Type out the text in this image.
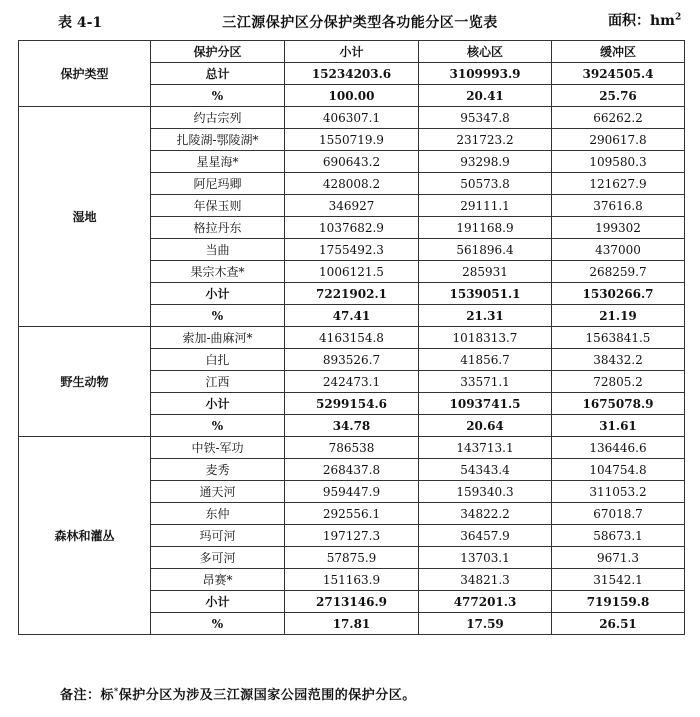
表 4-1	三江源保护区分保护类型各功能分区一览表	面积：$hm^2$
保护类型	保护分区	小计	核心区	缓冲区	
	总计	15234203.6	3109993.9	3924505.4	
	%	100.00	20.41	25.76	
湿地	约古宗列	406307.1	95347.8	66262.2	
	扎陵湖-鄂陵湖*	1550719.9	231723.2	290617.8	
	星星海*	690643.2	93298.9	109580.3	
	阿尼玛卿	428008.2	50573.8	121627.9	
	年保玉则	346927	29111.1	37616.8	
	格拉丹东	1037682.9	191168.9	199302	
	当曲	1755492.3	561896.4	437000	
	果宗木查*	1006121.5	285931	268259.7	
	小计	7221902.1	1539051.1	1530266.7	
	%	47.41	21.31	21.19	
野生动物	索加-曲麻河*	4163154.8	1018313.7	1563841.5	
	白扎	893526.7	41856.7	38432.2	
	江西	242473.1	33571.1	72805.2	
	小计	5299154.6	1093741.5	1675078.9	
	%	34.78	20.64	31.61	
森林和灌丛	中铁-军功	786538	143713.1	136446.6	
	麦秀	268437.8	54343.4	104754.8	
	通天河	959447.9	159340.3	311053.2	
	东仲	292556.1	34822.2	67018.7	
	玛可河	197127.3	36457.9	58673.1	
	多可河	57875.9	13703.1	9671.3	
	昂赛*	151163.9	34821.3	31542.1	
	小计	2713146.9	477201.3	719159.8	
	%	17.81	17.59	26.51	
备注：标*保护分区为涉及三江源国家公园范围的保护分区。
